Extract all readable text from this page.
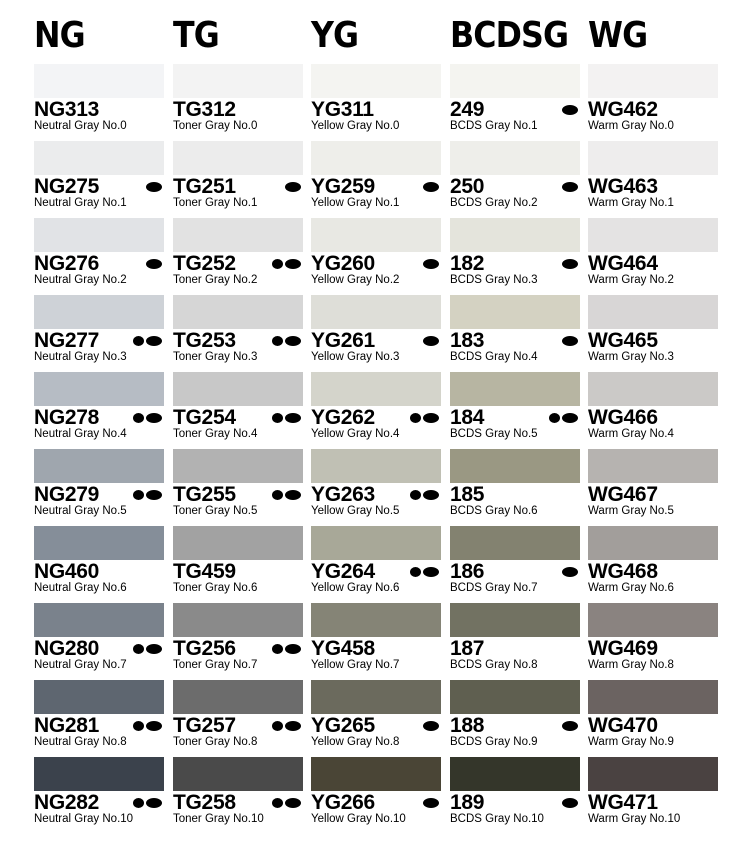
NG
NG313
Neutral Gray No.0
NG275
Neutral Gray No.1
NG276
Neutral Gray No.2
NG277
Neutral Gray No.3
NG278
Neutral Gray No.4
NG279
Neutral Gray No.5
NG460
Neutral Gray No.6
NG280
Neutral Gray No.7
NG281
Neutral Gray No.8
NG282
Neutral Gray No.10
TG
TG312
Toner Gray No.0
TG251
Toner Gray No.1
TG252
Toner Gray No.2
TG253
Toner Gray No.3
TG254
Toner Gray No.4
TG255
Toner Gray No.5
TG459
Toner Gray No.6
TG256
Toner Gray No.7
TG257
Toner Gray No.8
TG258
Toner Gray No.10
YG
YG311
Yellow Gray No.0
YG259
Yellow Gray No.1
YG260
Yellow Gray No.2
YG261
Yellow Gray No.3
YG262
Yellow Gray No.4
YG263
Yellow Gray No.5
YG264
Yellow Gray No.6
YG458
Yellow Gray No.7
YG265
Yellow Gray No.8
YG266
Yellow Gray No.10
BCDSG
249
BCDS Gray No.1
250
BCDS Gray No.2
182
BCDS Gray No.3
183
BCDS Gray No.4
184
BCDS Gray No.5
185
BCDS Gray No.6
186
BCDS Gray No.7
187
BCDS Gray No.8
188
BCDS Gray No.9
189
BCDS Gray No.10
WG
WG462
Warm Gray No.0
WG463
Warm Gray No.1
WG464
Warm Gray No.2
WG465
Warm Gray No.3
WG466
Warm Gray No.4
WG467
Warm Gray No.5
WG468
Warm Gray No.6
WG469
Warm Gray No.8
WG470
Warm Gray No.9
WG471
Warm Gray No.10
